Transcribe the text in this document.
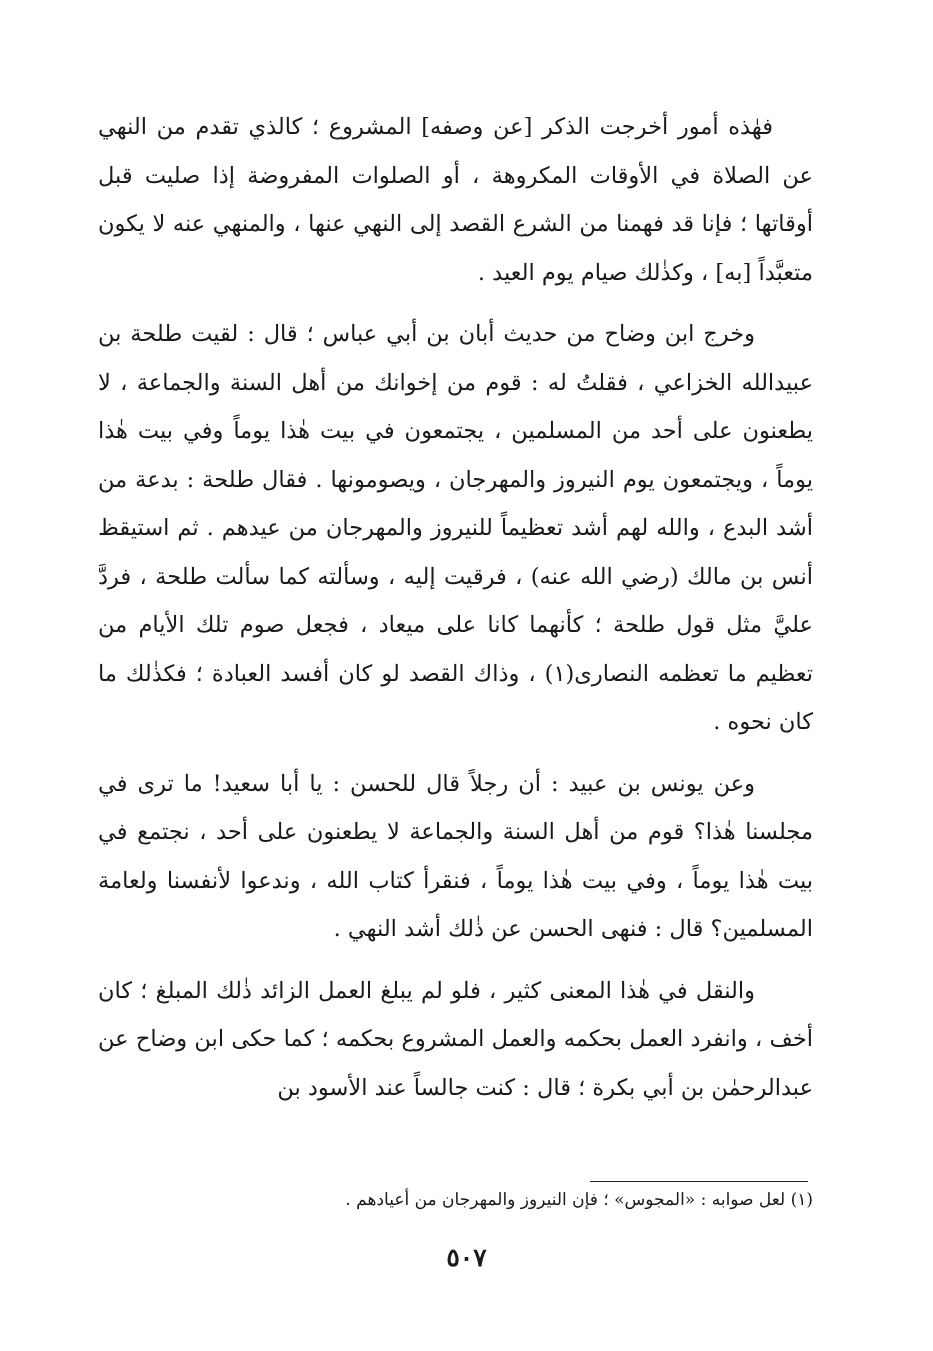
فهٰذه أمور أخرجت الذكر [عن وصفه] المشروع ؛ كالذي تقدم من النهي عن الصلاة في الأوقات المكروهة ، أو الصلوات المفروضة إذا صليت قبل أوقاتها ؛ فإنا قد فهمنا من الشرع القصد إلى النهي عنها ، والمنهي عنه لا يكون متعبَّداً [به] ، وكذٰلك صيام يوم العيد .

وخرج ابن وضاح من حديث أبان بن أبي عباس ؛ قال : لقيت طلحة بن عبيدالله الخزاعي ، فقلتُ له : قوم من إخوانك من أهل السنة والجماعة ، لا يطعنون على أحد من المسلمين ، يجتمعون في بيت هٰذا يوماً وفي بيت هٰذا يوماً ، ويجتمعون يوم النيروز والمهرجان ، ويصومونها . فقال طلحة : بدعة من أشد البدع ، والله لهم أشد تعظيماً للنيروز والمهرجان من عيدهم . ثم استيقظ أنس بن مالك (رضي الله عنه) ، فرقيت إليه ، وسألته كما سألت طلحة ، فردَّ عليَّ مثل قول طلحة ؛ كأنهما كانا على ميعاد ، فجعل صوم تلك الأيام من تعظيم ما تعظمه النصارى(١) ، وذاك القصد لو كان أفسد العبادة ؛ فكذٰلك ما كان نحوه .

وعن يونس بن عبيد : أن رجلاً قال للحسن : يا أبا سعيد! ما ترى في مجلسنا هٰذا؟ قوم من أهل السنة والجماعة لا يطعنون على أحد ، نجتمع في بيت هٰذا يوماً ، وفي بيت هٰذا يوماً ، فنقرأ كتاب الله ، وندعوا لأنفسنا ولعامة المسلمين؟ قال : فنهى الحسن عن ذٰلك أشد النهي .

والنقل في هٰذا المعنى كثير ، فلو لم يبلغ العمل الزائد ذٰلك المبلغ ؛ كان أخف ، وانفرد العمل بحكمه والعمل المشروع بحكمه ؛ كما حكى ابن وضاح عن عبدالرحمٰن بن أبي بكرة ؛ قال : كنت جالساً عند الأسود بن

(١) لعل صوابه : «المجوس» ؛ فإن النيروز والمهرجان من أعيادهم .
٥٠٧
